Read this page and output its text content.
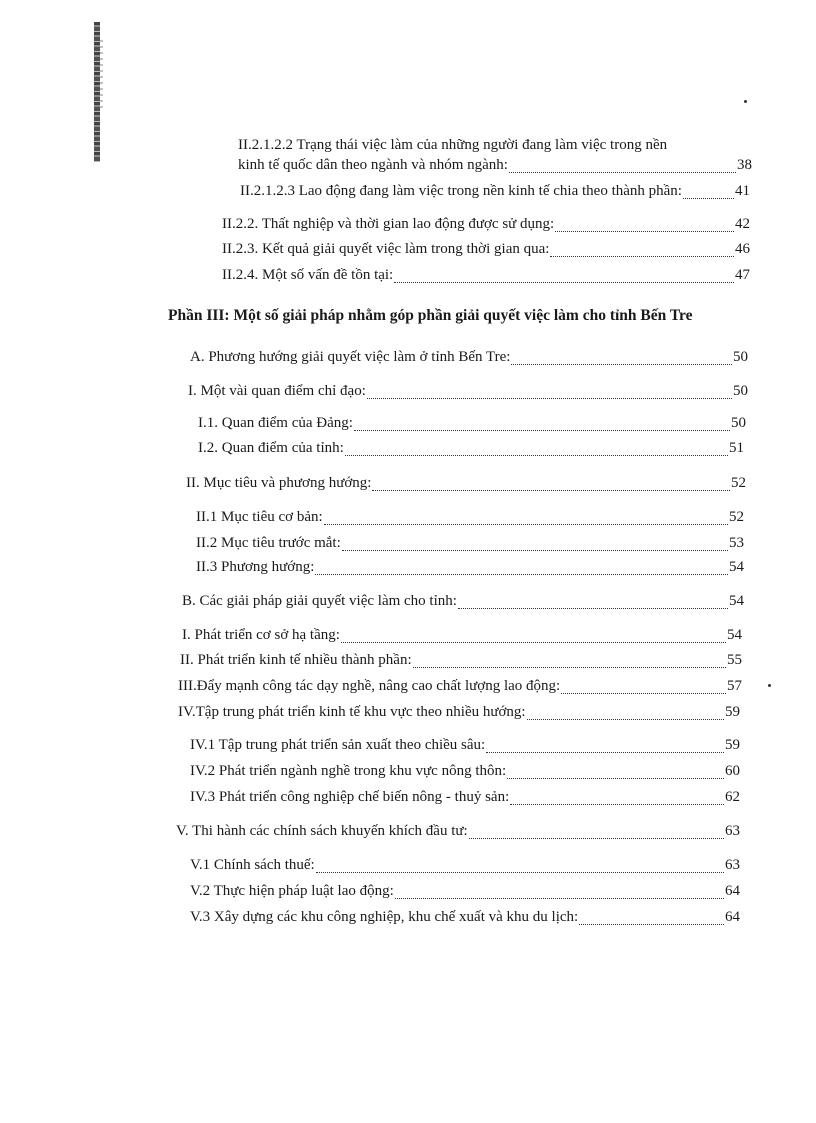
II.2.1.2.2 Trạng thái việc làm của những người đang làm việc trong nền
kinh tế quốc dân theo ngành và nhóm ngành:	38
II.2.1.2.3 Lao động đang làm việc trong nền kinh tế chia theo thành phần:	41
II.2.2. Thất nghiệp và thời gian lao động được sử dụng:	42
II.2.3. Kết quả giải quyết việc làm trong thời gian qua:	46
II.2.4. Một số vấn đề tồn tại:	47
Phần III: Một số giải pháp nhằm góp phần giải quyết việc làm cho tỉnh Bến Tre
A. Phương hướng giải quyết việc làm ở tỉnh Bến Tre:	50
I. Một vài quan điểm chỉ đạo:	50
I.1. Quan điểm của Đảng:	50
I.2. Quan điểm của tỉnh:	51
II. Mục tiêu và phương hướng:	52
II.1 Mục tiêu cơ bản:	52
II.2 Mục tiêu trước mắt:	53
II.3 Phương hướng:	54
B. Các giải pháp giải quyết việc làm cho tỉnh:	54
I. Phát triển cơ sở hạ tầng:	54
II. Phát triển kinh tế nhiều thành phần:	55
III.Đẩy mạnh công tác dạy nghề, nâng cao chất lượng lao động:	57
IV.Tập trung phát triển kinh tế khu vực theo nhiều hướng:	59
IV.1 Tập trung phát triển sản xuất theo chiều sâu:	59
IV.2 Phát triển ngành nghề trong khu vực nông thôn:	60
IV.3 Phát triển công nghiệp chế biến nông - thuỷ sản:	62
V. Thi hành các chính sách khuyến khích đầu tư:	63
V.1 Chính sách thuế:	63
V.2 Thực hiện pháp luật lao động:	64
V.3 Xây dựng các khu công nghiệp, khu chế xuất và khu du lịch:	64
